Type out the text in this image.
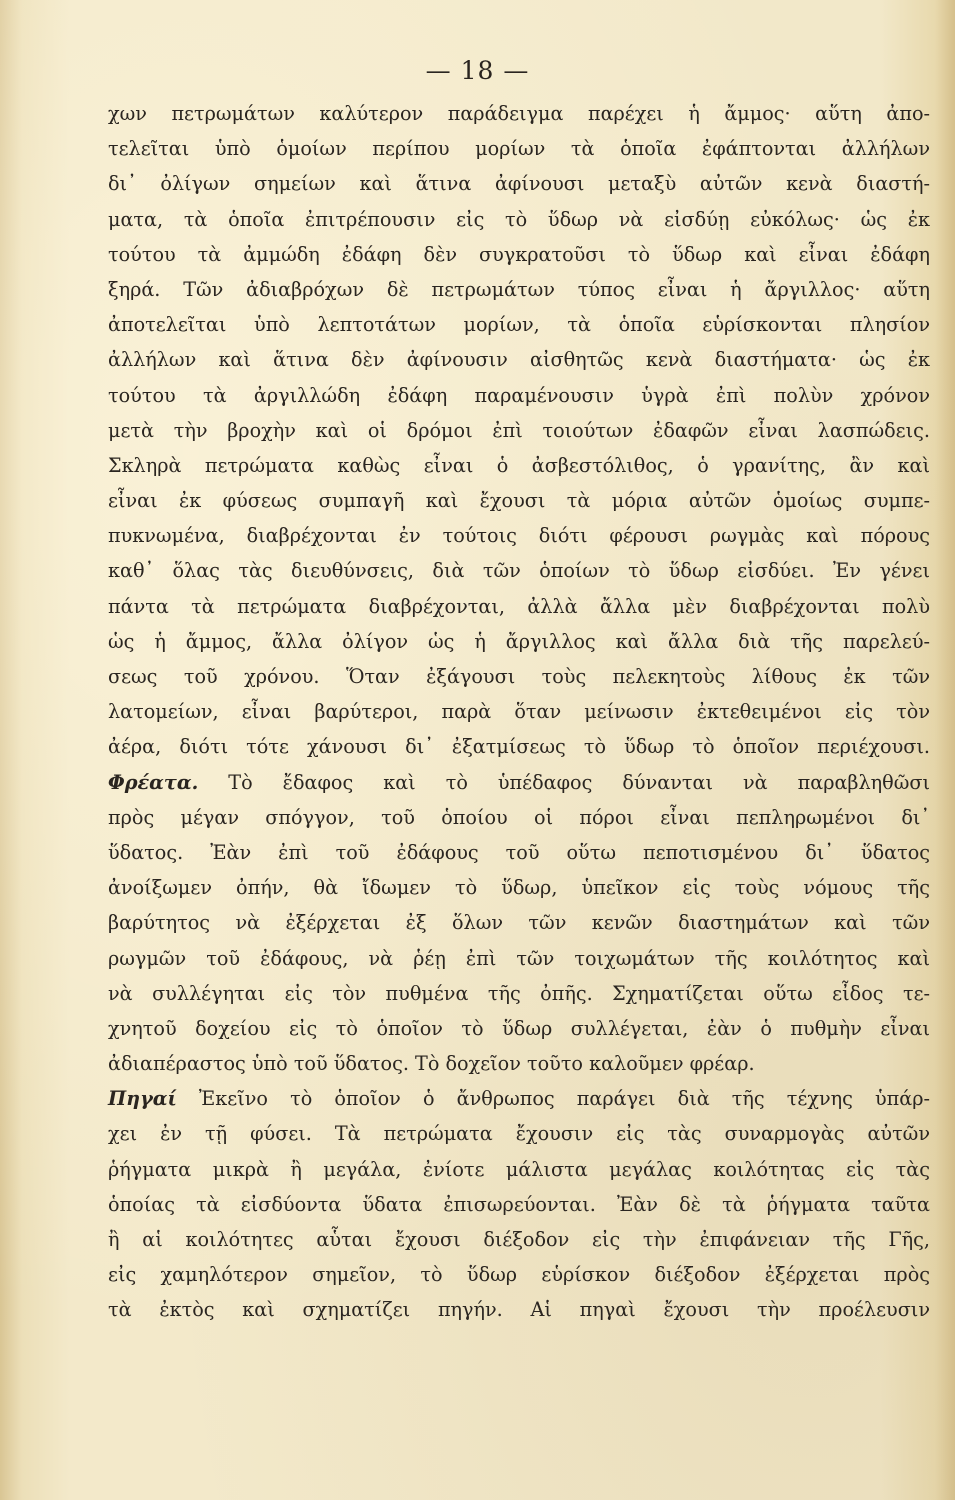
— 18 —
χων πετρωμάτων καλύτερον παράδειγμα παρέχει ἡ ἄμμος· αὕτη ἀπο-
τελεῖται ὑπὸ ὁμοίων περίπου μορίων τὰ ὁποῖα ἐφάπτονται ἀλλήλων
δι᾽ ὀλίγων σημείων καὶ ἅτινα ἀφίνουσι μεταξὺ αὐτῶν κενὰ διαστή-
ματα, τὰ ὁποῖα ἐπιτρέπουσιν εἰς τὸ ὕδωρ νὰ εἰσδύῃ εὐκόλως· ὡς ἐκ
τούτου τὰ ἀμμώδη ἐδάφη δὲν συγκρατοῦσι τὸ ὕδωρ καὶ εἶναι ἐδάφη
ξηρά. Τῶν ἀδιαβρόχων δὲ πετρωμάτων τύπος εἶναι ἡ ἄργιλλος· αὕτη
ἀποτελεῖται ὑπὸ λεπτοτάτων μορίων, τὰ ὁποῖα εὑρίσκονται πλησίον
ἀλλήλων καὶ ἅτινα δὲν ἀφίνουσιν αἰσθητῶς κενὰ διαστήματα· ὡς ἐκ
τούτου τὰ ἀργιλλώδη ἐδάφη παραμένουσιν ὑγρὰ ἐπὶ πολὺν χρόνον
μετὰ τὴν βροχὴν καὶ οἱ δρόμοι ἐπὶ τοιούτων ἐδαφῶν εἶναι λασπώδεις.
Σκληρὰ πετρώματα καθὼς εἶναι ὁ ἀσβεστόλιθος, ὁ γρανίτης, ἂν καὶ
εἶναι ἐκ φύσεως συμπαγῆ καὶ ἔχουσι τὰ μόρια αὐτῶν ὁμοίως συμπε-
πυκνωμένα, διαβρέχονται ἐν τούτοις διότι φέρουσι ρωγμὰς καὶ πόρους
καθ᾽ ὅλας τὰς διευθύνσεις, διὰ τῶν ὁποίων τὸ ὕδωρ εἰσδύει. Ἐν γένει
πάντα τὰ πετρώματα διαβρέχονται, ἀλλὰ ἄλλα μὲν διαβρέχονται πολὺ
ὡς ἡ ἄμμος, ἄλλα ὀλίγον ὡς ἡ ἄργιλλος καὶ ἄλλα διὰ τῆς παρελεύ-
σεως τοῦ χρόνου. Ὅταν ἐξάγουσι τοὺς πελεκητοὺς λίθους ἐκ τῶν
λατομείων, εἶναι βαρύτεροι, παρὰ ὅταν μείνωσιν ἐκτεθειμένοι εἰς τὸν
ἀέρα, διότι τότε χάνουσι δι᾽ ἐξατμίσεως τὸ ὕδωρ τὸ ὁποῖον περιέχουσι.
Φρέατα. Τὸ ἔδαφος καὶ τὸ ὑπέδαφος δύνανται νὰ παραβληθῶσι
πρὸς μέγαν σπόγγον, τοῦ ὁποίου οἱ πόροι εἶναι πεπληρωμένοι δι᾽
ὕδατος. Ἐὰν ἐπὶ τοῦ ἐδάφους τοῦ οὕτω πεποτισμένου δι᾽ ὕδατος
ἀνοίξωμεν ὀπήν, θὰ ἴδωμεν τὸ ὕδωρ, ὑπεῖκον εἰς τοὺς νόμους τῆς
βαρύτητος νὰ ἐξέρχεται ἐξ ὅλων τῶν κενῶν διαστημάτων καὶ τῶν
ρωγμῶν τοῦ ἐδάφους, νὰ ῥέῃ ἐπὶ τῶν τοιχωμάτων τῆς κοιλότητος καὶ
νὰ συλλέγηται εἰς τὸν πυθμένα τῆς ὀπῆς. Σχηματίζεται οὕτω εἶδος τε-
χνητοῦ δοχείου εἰς τὸ ὁποῖον τὸ ὕδωρ συλλέγεται, ἐὰν ὁ πυθμὴν εἶναι
ἀδιαπέραστος ὑπὸ τοῦ ὕδατος. Τὸ δοχεῖον τοῦτο καλοῦμεν φρέαρ.
Πηγαί Ἐκεῖνο τὸ ὁποῖον ὁ ἄνθρωπος παράγει διὰ τῆς τέχνης ὑπάρ-
χει ἐν τῇ φύσει. Τὰ πετρώματα ἔχουσιν εἰς τὰς συναρμογὰς αὐτῶν
ῥήγματα μικρὰ ἢ μεγάλα, ἐνίοτε μάλιστα μεγάλας κοιλότητας εἰς τὰς
ὁποίας τὰ εἰσδύοντα ὕδατα ἐπισωρεύονται. Ἐὰν δὲ τὰ ῥήγματα ταῦτα
ἢ αἱ κοιλότητες αὗται ἔχουσι διέξοδον εἰς τὴν ἐπιφάνειαν τῆς Γῆς,
εἰς χαμηλότερον σημεῖον, τὸ ὕδωρ εὑρίσκον διέξοδον ἐξέρχεται πρὸς
τὰ ἐκτὸς καὶ σχηματίζει πηγήν. Αἱ πηγαὶ ἔχουσι τὴν προέλευσιν
